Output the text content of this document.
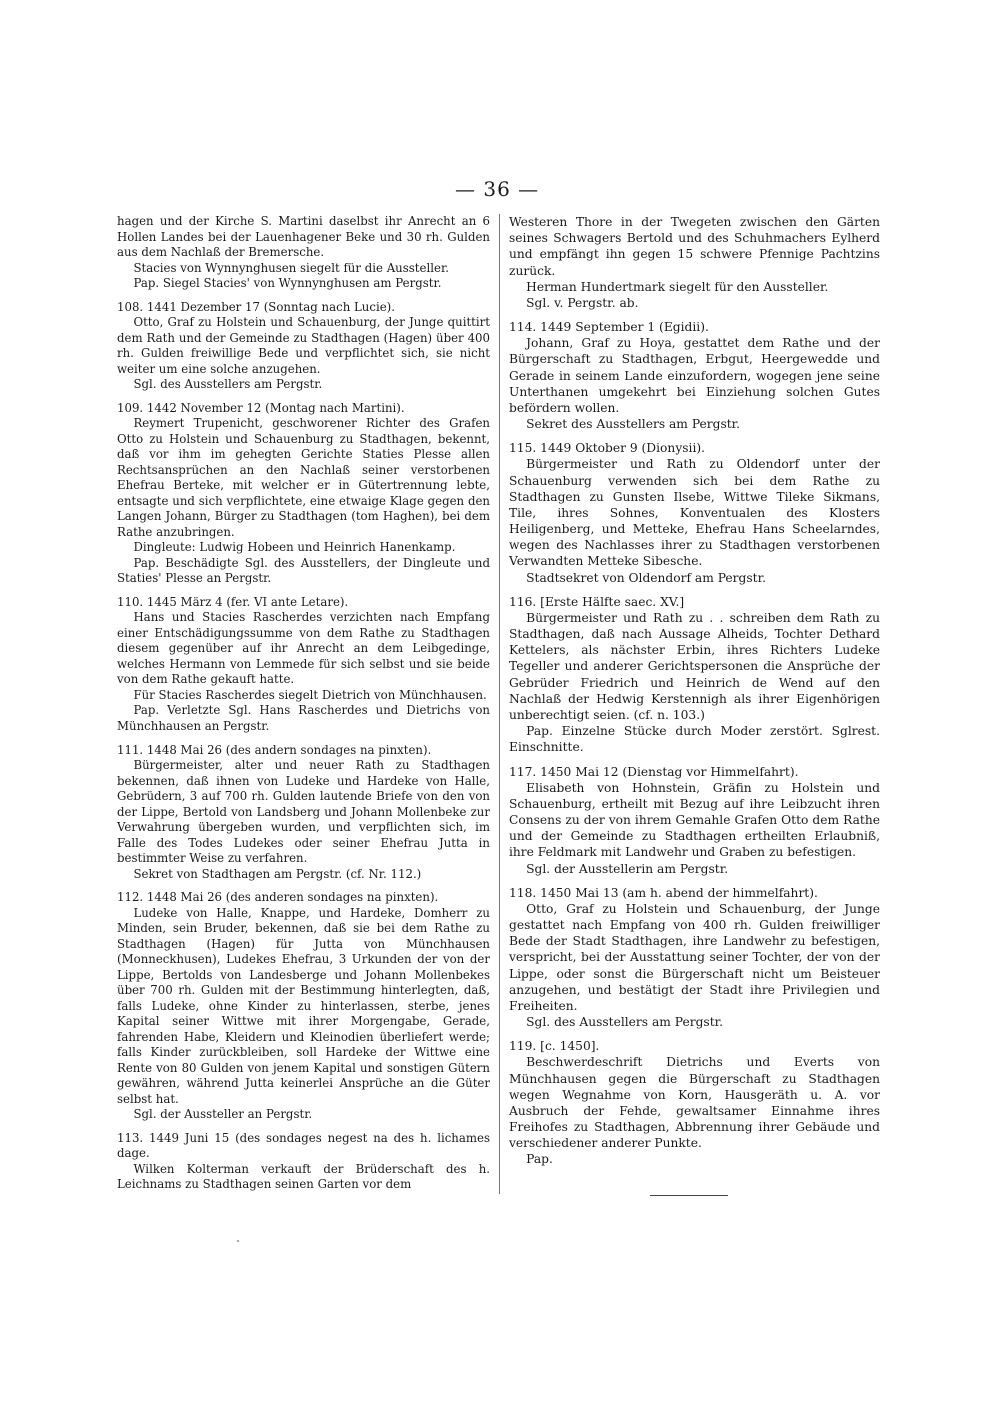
— 36 —
hagen und der Kirche S. Martini daselbst ihr Anrecht an 6 Hollen Landes bei der Lauenhagener Beke und 30 rh. Gulden aus dem Nachlaß der Bremersche.
Stacies von Wynnynghusen siegelt für die Aussteller.
Pap. Siegel Stacies' von Wynnynghusen am Pergstr.
108. 1441 Dezember 17 (Sonntag nach Lucie).
Otto, Graf zu Holstein und Schauenburg, der Junge quittirt dem Rath und der Gemeinde zu Stadthagen (Hagen) über 400 rh. Gulden freiwillige Bede und verpflichtet sich, sie nicht weiter um eine solche anzugehen.
Sgl. des Ausstellers am Pergstr.
109. 1442 November 12 (Montag nach Martini).
Reymert Trupenicht, geschworener Richter des Grafen Otto zu Holstein und Schauenburg zu Stadthagen, bekennt, daß vor ihm im gehegten Gerichte Staties Plesse allen Rechtsansprüchen an den Nachlaß seiner verstorbenen Ehefrau Berteke, mit welcher er in Gütertrennung lebte, entsagte und sich verpflichtete, eine etwaige Klage gegen den Langen Johann, Bürger zu Stadthagen (tom Haghen), bei dem Rathe anzubringen.
Dingleute: Ludwig Hobeen und Heinrich Hanenkamp.
Pap. Beschädigte Sgl. des Ausstellers, der Dingleute und Staties' Plesse an Pergstr.
110. 1445 März 4 (fer. VI ante Letare).
Hans und Stacies Rascherdes verzichten nach Empfang einer Entschädigungssumme von dem Rathe zu Stadthagen diesem gegenüber auf ihr Anrecht an dem Leibgedinge, welches Hermann von Lemmede für sich selbst und sie beide von dem Rathe gekauft hatte.
Für Stacies Rascherdes siegelt Dietrich von Münchhausen.
Pap. Verletzte Sgl. Hans Rascherdes und Dietrichs von Münchhausen an Pergstr.
111. 1448 Mai 26 (des andern sondages na pinxten).
Bürgermeister, alter und neuer Rath zu Stadthagen bekennen, daß ihnen von Ludeke und Hardeke von Halle, Gebrüdern, 3 auf 700 rh. Gulden lautende Briefe von den von der Lippe, Bertold von Landsberg und Johann Mollenbeke zur Verwahrung übergeben wurden, und verpflichten sich, im Falle des Todes Ludekes oder seiner Ehefrau Jutta in bestimmter Weise zu verfahren.
Sekret von Stadthagen am Pergstr. (cf. Nr. 112.)
112. 1448 Mai 26 (des anderen sondages na pinxten).
Ludeke von Halle, Knappe, und Hardeke, Domherr zu Minden, sein Bruder, bekennen, daß sie bei dem Rathe zu Stadthagen (Hagen) für Jutta von Münchhausen (Monneckhusen), Ludekes Ehefrau, 3 Urkunden der von der Lippe, Bertolds von Landesberge und Johann Mollenbekes über 700 rh. Gulden mit der Bestimmung hinterlegten, daß, falls Ludeke, ohne Kinder zu hinterlassen, sterbe, jenes Kapital seiner Wittwe mit ihrer Morgengabe, Gerade, fahrenden Habe, Kleidern und Kleinodien überliefert werde; falls Kinder zurückbleiben, soll Hardeke der Wittwe eine Rente von 80 Gulden von jenem Kapital und sonstigen Gütern gewähren, während Jutta keinerlei Ansprüche an die Güter selbst hat.
Sgl. der Aussteller an Pergstr.
113. 1449 Juni 15 (des sondages negest na des h. lichames dage.
Wilken Kolterman verkauft der Brüderschaft des h. Leichnams zu Stadthagen seinen Garten vor dem
Westeren Thore in der Twegeten zwischen den Gärten seines Schwagers Bertold und des Schuhmachers Eylherd und empfängt ihn gegen 15 schwere Pfennige Pachtzins zurück.
Herman Hundertmark siegelt für den Aussteller.
Sgl. v. Pergstr. ab.
114. 1449 September 1 (Egidii).
Johann, Graf zu Hoya, gestattet dem Rathe und der Bürgerschaft zu Stadthagen, Erbgut, Heergewedde und Gerade in seinem Lande einzufordern, wogegen jene seine Unterthanen umgekehrt bei Einziehung solchen Gutes befördern wollen.
Sekret des Ausstellers am Pergstr.
115. 1449 Oktober 9 (Dionysii).
Bürgermeister und Rath zu Oldendorf unter der Schauenburg verwenden sich bei dem Rathe zu Stadthagen zu Gunsten Ilsebe, Wittwe Tileke Sikmans, Tile, ihres Sohnes, Konventualen des Klosters Heiligenberg, und Metteke, Ehefrau Hans Scheelarndes, wegen des Nachlasses ihrer zu Stadthagen verstorbenen Verwandten Metteke Sibesche.
Stadtsekret von Oldendorf am Pergstr.
116. [Erste Hälfte saec. XV.]
Bürgermeister und Rath zu . . schreiben dem Rath zu Stadthagen, daß nach Aussage Alheids, Tochter Dethard Kettelers, als nächster Erbin, ihres Richters Ludeke Tegeller und anderer Gerichtspersonen die Ansprüche der Gebrüder Friedrich und Heinrich de Wend auf den Nachlaß der Hedwig Kerstennigh als ihrer Eigenhörigen unberechtigt seien. (cf. n. 103.)
Pap. Einzelne Stücke durch Moder zerstört. Sglrest. Einschnitte.
117. 1450 Mai 12 (Dienstag vor Himmelfahrt).
Elisabeth von Hohnstein, Gräfin zu Holstein und Schauenburg, ertheilt mit Bezug auf ihre Leibzucht ihren Consens zu der von ihrem Gemahle Grafen Otto dem Rathe und der Gemeinde zu Stadthagen ertheilten Erlaubniß, ihre Feldmark mit Landwehr und Graben zu befestigen.
Sgl. der Ausstellerin am Pergstr.
118. 1450 Mai 13 (am h. abend der himmelfahrt).
Otto, Graf zu Holstein und Schauenburg, der Junge gestattet nach Empfang von 400 rh. Gulden freiwilliger Bede der Stadt Stadthagen, ihre Landwehr zu befestigen, verspricht, bei der Ausstattung seiner Tochter, der von der Lippe, oder sonst die Bürgerschaft nicht um Beisteuer anzugehen, und bestätigt der Stadt ihre Privilegien und Freiheiten.
Sgl. des Ausstellers am Pergstr.
119. [c. 1450].
Beschwerdeschrift Dietrichs und Everts von Münchhausen gegen die Bürgerschaft zu Stadthagen wegen Wegnahme von Korn, Hausgeräth u. A. vor Ausbruch der Fehde, gewaltsamer Einnahme ihres Freihofes zu Stadthagen, Abbrennung ihrer Gebäude und verschiedener anderer Punkte.
Pap.
